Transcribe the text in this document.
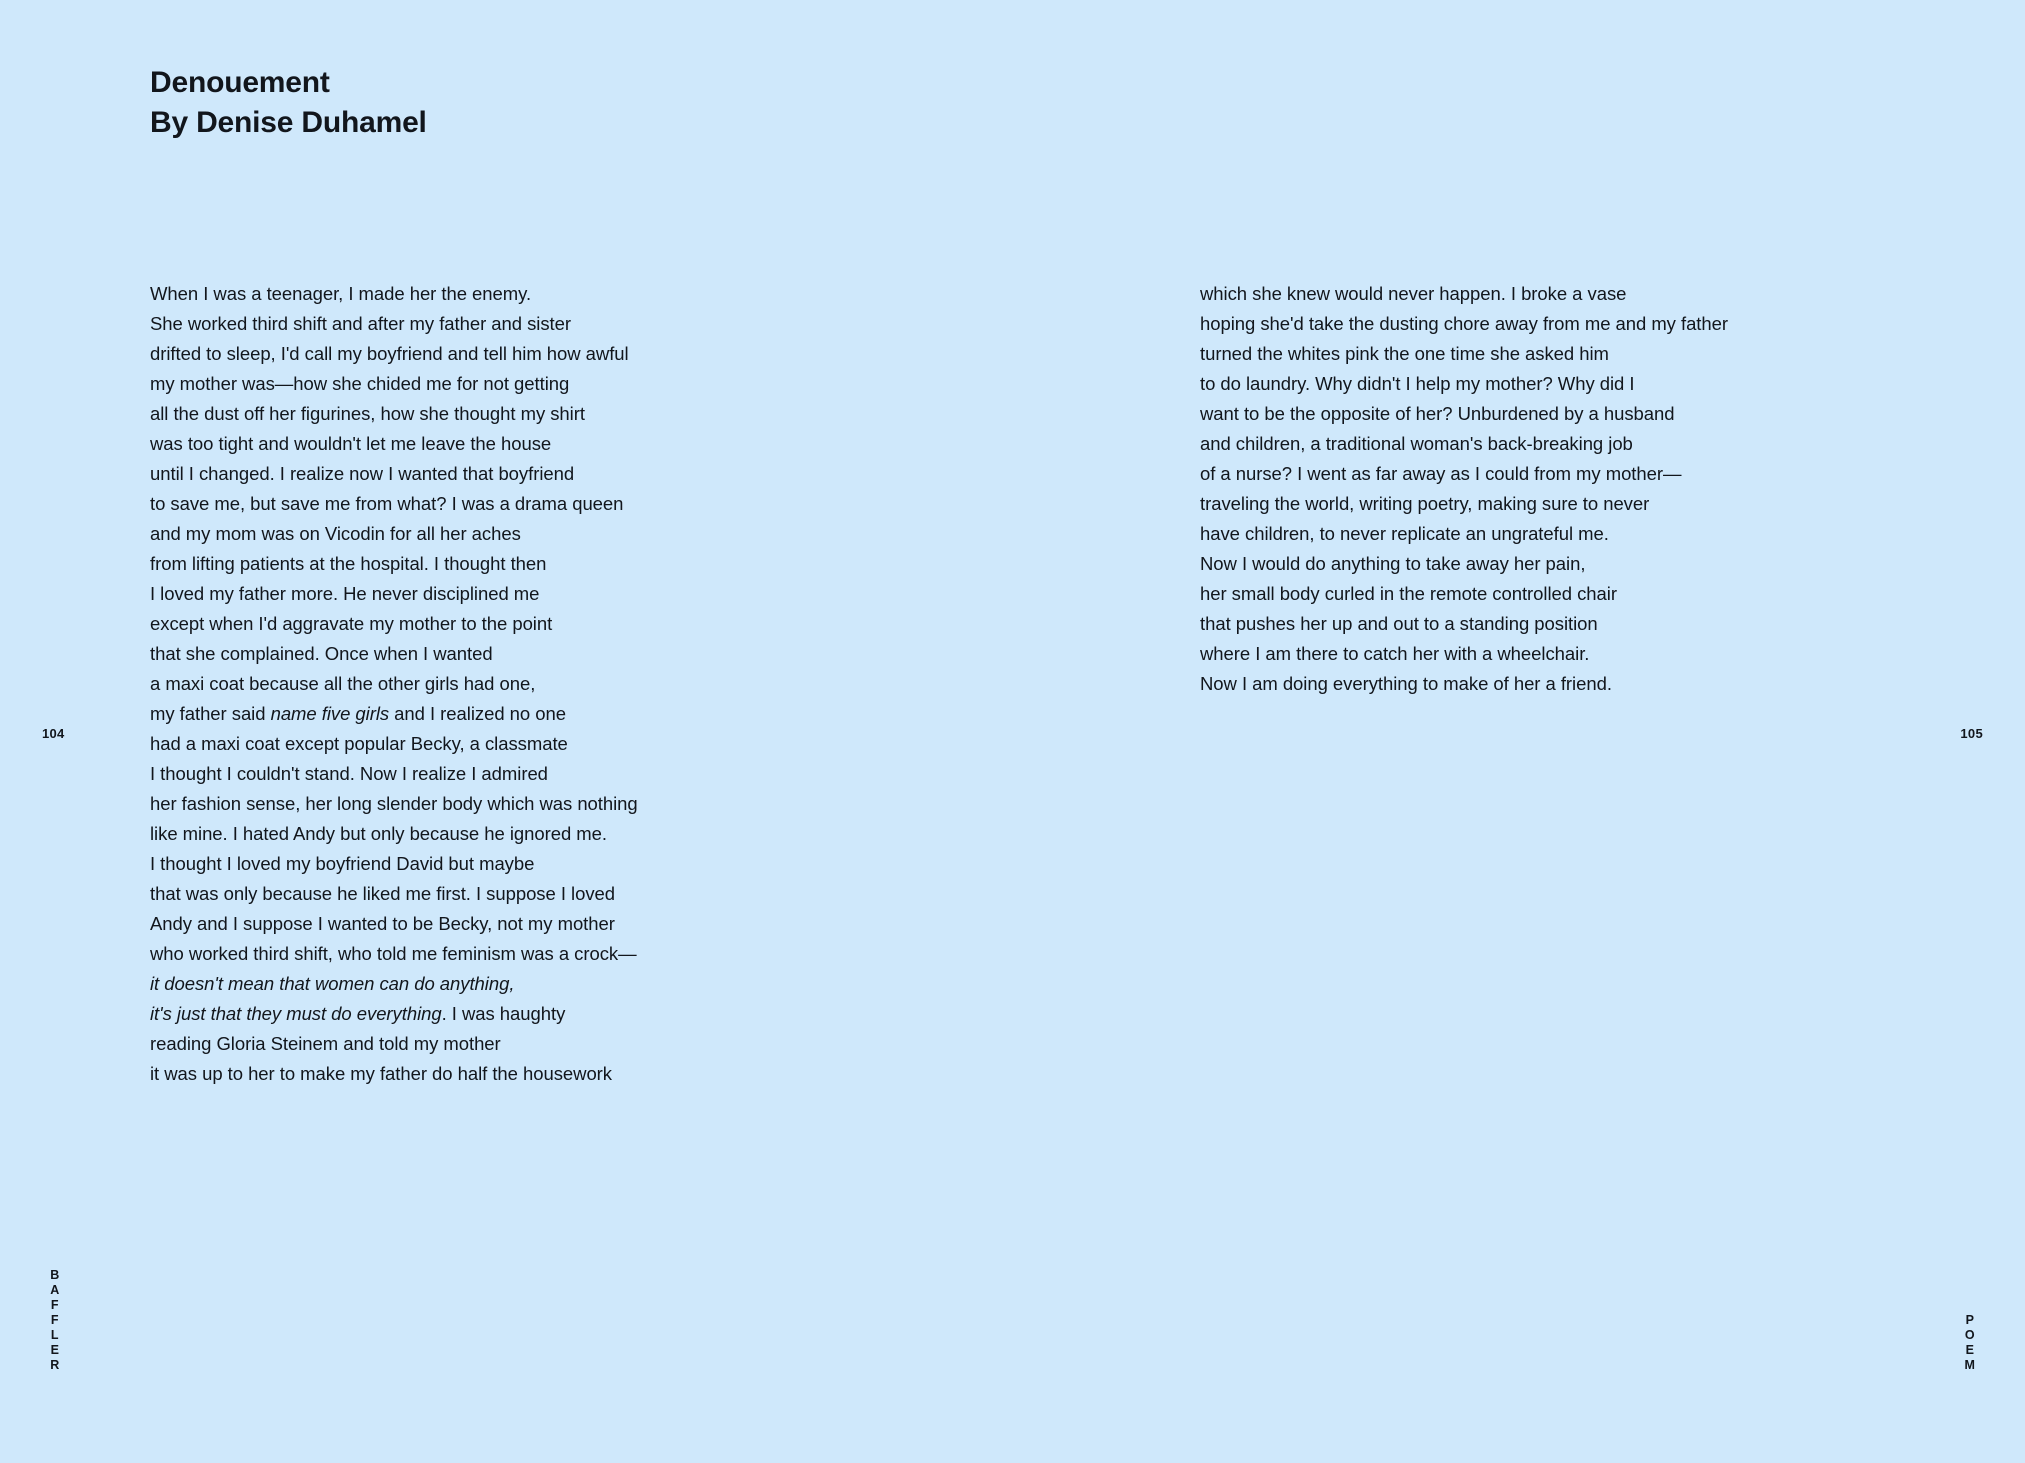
Denouement
By Denise Duhamel
When I was a teenager, I made her the enemy.
She worked third shift and after my father and sister
drifted to sleep, I'd call my boyfriend and tell him how awful
my mother was—how she chided me for not getting
all the dust off her figurines, how she thought my shirt
was too tight and wouldn't let me leave the house
until I changed. I realize now I wanted that boyfriend
to save me, but save me from what? I was a drama queen
and my mom was on Vicodin for all her aches
from lifting patients at the hospital. I thought then
I loved my father more. He never disciplined me
except when I'd aggravate my mother to the point
that she complained. Once when I wanted
a maxi coat because all the other girls had one,
my father said name five girls and I realized no one
had a maxi coat except popular Becky, a classmate
I thought I couldn't stand. Now I realize I admired
her fashion sense, her long slender body which was nothing
like mine. I hated Andy but only because he ignored me.
I thought I loved my boyfriend David but maybe
that was only because he liked me first. I suppose I loved
Andy and I suppose I wanted to be Becky, not my mother
who worked third shift, who told me feminism was a crock—
it doesn't mean that women can do anything,
it's just that they must do everything. I was haughty
reading Gloria Steinem and told my mother
it was up to her to make my father do half the housework
which she knew would never happen. I broke a vase
hoping she'd take the dusting chore away from me and my father
turned the whites pink the one time she asked him
to do laundry. Why didn't I help my mother? Why did I
want to be the opposite of her? Unburdened by a husband
and children, a traditional woman's back-breaking job
of a nurse? I went as far away as I could from my mother—
traveling the world, writing poetry, making sure to never
have children, to never replicate an ungrateful me.
Now I would do anything to take away her pain,
her small body curled in the remote controlled chair
that pushes her up and out to a standing position
where I am there to catch her with a wheelchair.
Now I am doing everything to make of her a friend.
104	105
B
A
F
F
L
E
R
P
O
E
M
